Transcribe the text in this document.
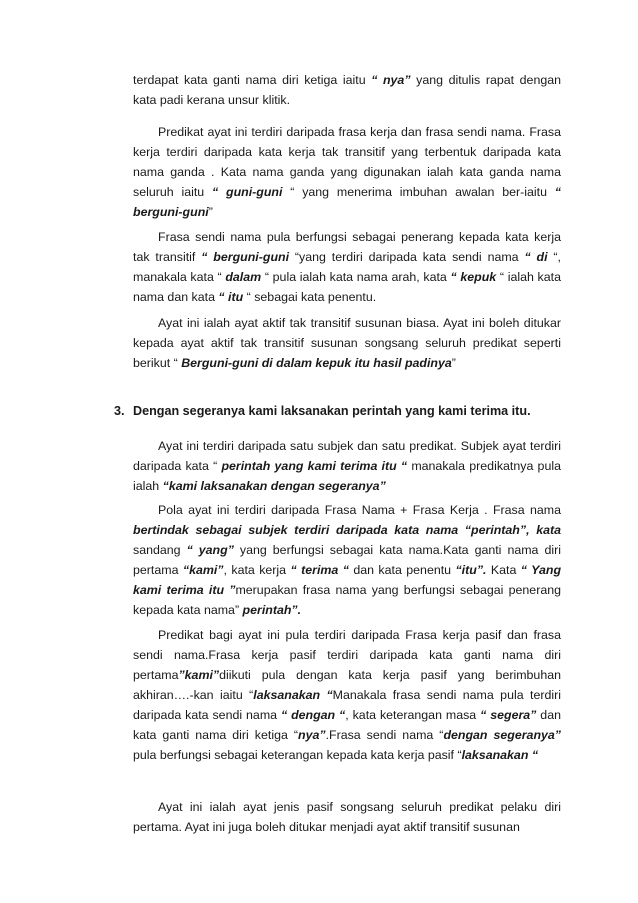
terdapat kata ganti nama diri ketiga iaitu “ nya” yang ditulis rapat dengan kata padi kerana unsur klitik.

Predikat ayat ini terdiri daripada frasa kerja dan frasa sendi nama. Frasa kerja terdiri daripada kata kerja tak transitif yang terbentuk daripada kata nama ganda . Kata nama ganda yang digunakan ialah kata ganda nama seluruh iaitu “ guni-guni “ yang menerima imbuhan awalan ber-iaitu “ berguni-guni”

Frasa sendi nama pula berfungsi sebagai penerang kepada kata kerja tak transitif “ berguni-guni “yang terdiri daripada kata sendi nama “ di “, manakala kata “ dalam “ pula ialah kata nama arah, kata “ kepuk “ ialah kata nama dan kata “ itu “ sebagai kata penentu.

Ayat ini ialah ayat aktif tak transitif susunan biasa. Ayat ini boleh ditukar kepada ayat aktif tak transitif susunan songsang seluruh predikat seperti berikut “ Berguni-guni di dalam kepuk itu hasil padinya”

3. Dengan segeranya kami laksanakan perintah yang kami terima itu.

Ayat ini terdiri daripada satu subjek dan satu predikat. Subjek ayat terdiri daripada kata “ perintah yang kami terima itu “ manakala predikatnya pula ialah “kami laksanakan dengan segeranya”

Pola ayat ini terdiri daripada Frasa Nama + Frasa Kerja . Frasa nama bertindak sebagai subjek terdiri daripada kata nama “perintah”, kata sandang “ yang” yang berfungsi sebagai kata nama.Kata ganti nama diri pertama “kami”, kata kerja “ terima “ dan kata penentu “itu”. Kata “ Yang kami terima itu ”merupakan frasa nama yang berfungsi sebagai penerang kepada kata nama” perintah”.

Predikat bagi ayat ini pula terdiri daripada Frasa kerja pasif dan frasa sendi nama.Frasa kerja pasif terdiri daripada kata ganti nama diri pertama”kami”diikuti pula dengan kata kerja pasif yang berimbuhan akhiran….-kan iaitu “laksanakan “Manakala frasa sendi nama pula terdiri daripada kata sendi nama “ dengan “, kata keterangan masa “ segera” dan kata ganti nama diri ketiga “nya”.Frasa sendi nama “dengan segeranya” pula berfungsi sebagai keterangan kepada kata kerja pasif “laksanakan “

Ayat ini ialah ayat jenis pasif songsang seluruh predikat pelaku diri pertama. Ayat ini juga boleh ditukar menjadi ayat aktif transitif susunan
